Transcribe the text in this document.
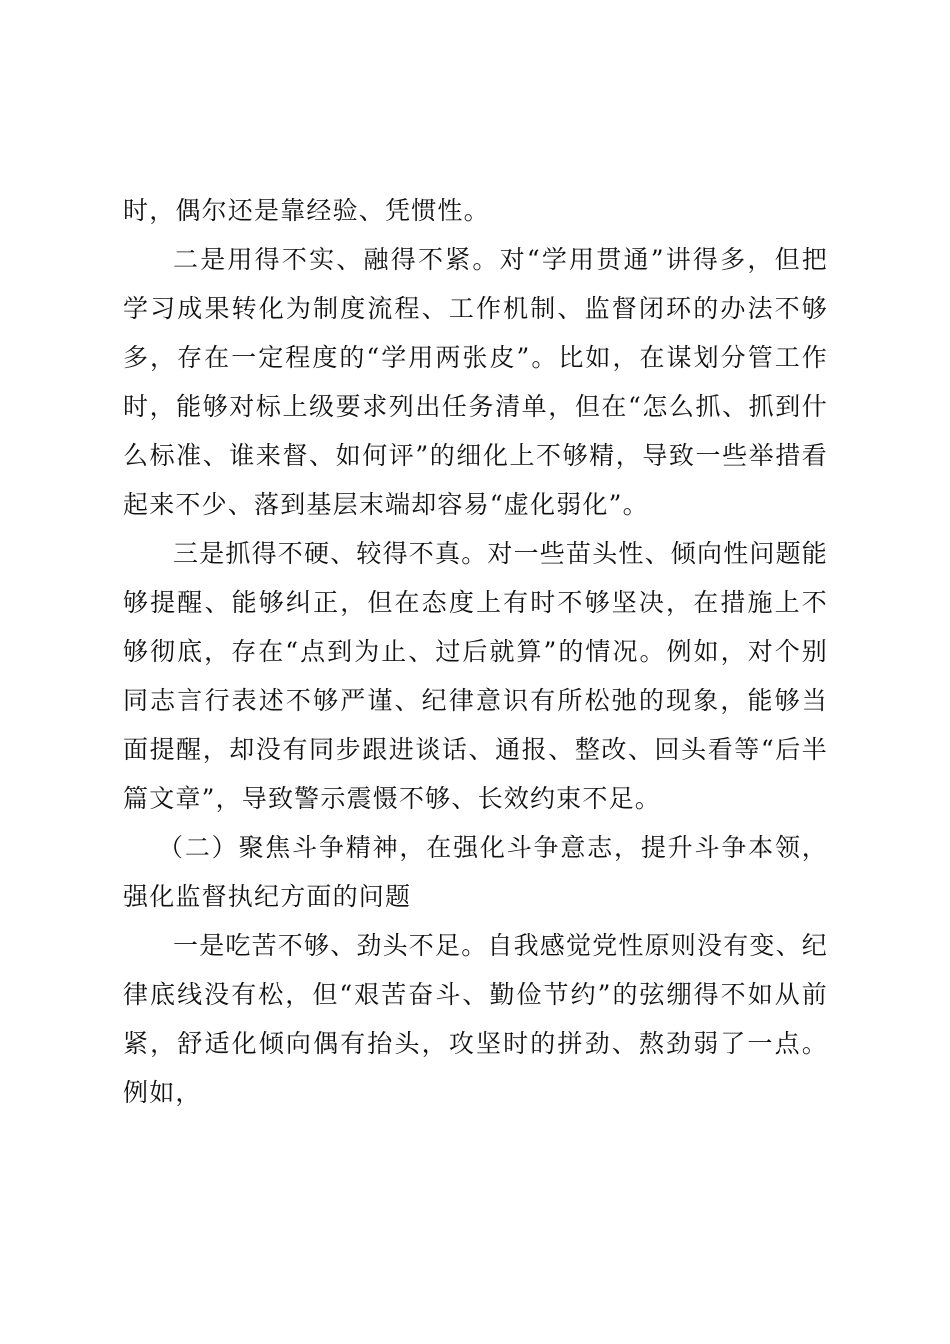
时，偶尔还是靠经验、凭惯性。

二是用得不实、融得不紧。对“学用贯通”讲得多，但把学习成果转化为制度流程、工作机制、监督闭环的办法不够多，存在一定程度的“学用两张皮”。比如，在谋划分管工作时，能够对标上级要求列出任务清单，但在“怎么抓、抓到什么标准、谁来督、如何评”的细化上不够精，导致一些举措看起来不少、落到基层末端却容易“虚化弱化”。

三是抓得不硬、较得不真。对一些苗头性、倾向性问题能够提醒、能够纠正，但在态度上有时不够坚决，在措施上不够彻底，存在“点到为止、过后就算”的情况。例如，对个别同志言行表述不够严谨、纪律意识有所松弛的现象，能够当面提醒，却没有同步跟进谈话、通报、整改、回头看等“后半篇文章”，导致警示震慑不够、长效约束不足。

（二）聚焦斗争精神，在强化斗争意志，提升斗争本领，强化监督执纪方面的问题

一是吃苦不够、劲头不足。自我感觉党性原则没有变、纪律底线没有松，但“艰苦奋斗、勤俭节约”的弦绷得不如从前紧，舒适化倾向偶有抬头，攻坚时的拼劲、熬劲弱了一点。例如，
